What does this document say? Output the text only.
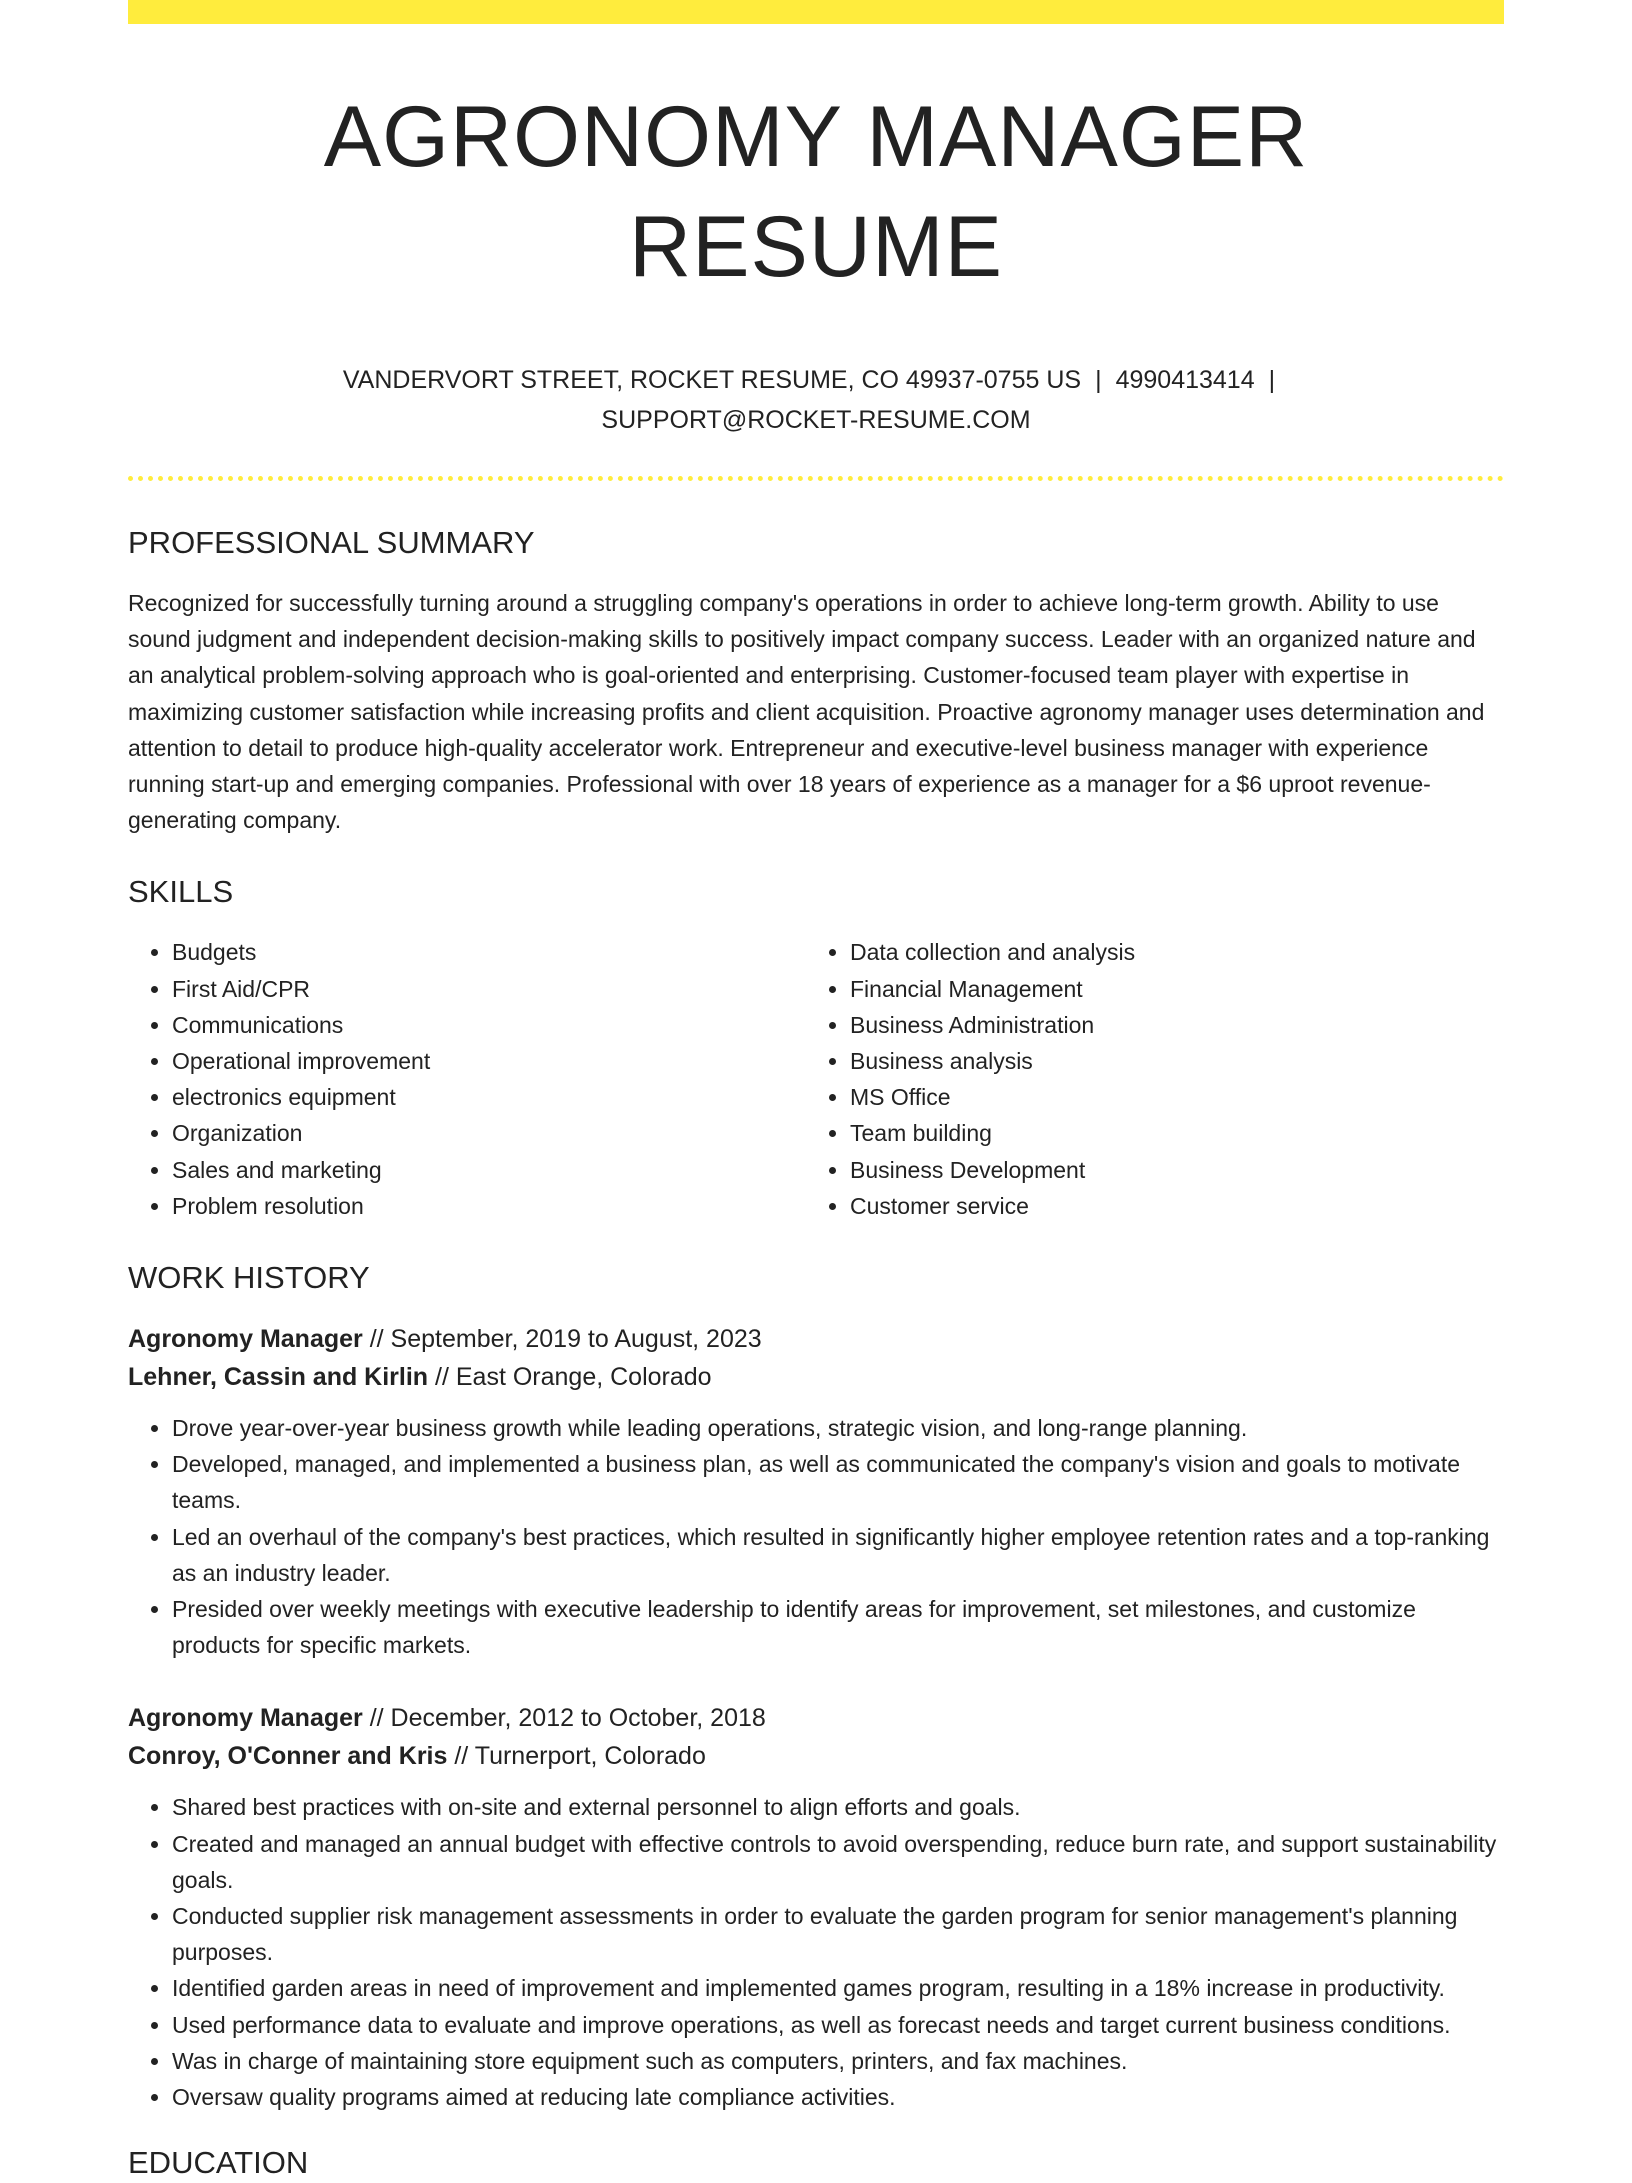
AGRONOMY MANAGER RESUME
VANDERVORT STREET, ROCKET RESUME, CO 49937-0755 US | 4990413414 |
SUPPORT@ROCKET-RESUME.COM
PROFESSIONAL SUMMARY
Recognized for successfully turning around a struggling company's operations in order to achieve long-term growth. Ability to use sound judgment and independent decision-making skills to positively impact company success. Leader with an organized nature and an analytical problem-solving approach who is goal-oriented and enterprising. Customer-focused team player with expertise in maximizing customer satisfaction while increasing profits and client acquisition. Proactive agronomy manager uses determination and attention to detail to produce high-quality accelerator work. Entrepreneur and executive-level business manager with experience running start-up and emerging companies. Professional with over 18 years of experience as a manager for a $6 uproot revenue-generating company.
SKILLS
• Budgets
• First Aid/CPR
• Communications
• Operational improvement
• electronics equipment
• Organization
• Sales and marketing
• Problem resolution
• Data collection and analysis
• Financial Management
• Business Administration
• Business analysis
• MS Office
• Team building
• Business Development
• Customer service
WORK HISTORY
Agronomy Manager // September, 2019 to August, 2023
Lehner, Cassin and Kirlin // East Orange, Colorado
• Drove year-over-year business growth while leading operations, strategic vision, and long-range planning.
• Developed, managed, and implemented a business plan, as well as communicated the company's vision and goals to motivate teams.
• Led an overhaul of the company's best practices, which resulted in significantly higher employee retention rates and a top-ranking as an industry leader.
• Presided over weekly meetings with executive leadership to identify areas for improvement, set milestones, and customize products for specific markets.
Agronomy Manager // December, 2012 to October, 2018
Conroy, O'Conner and Kris // Turnerport, Colorado
• Shared best practices with on-site and external personnel to align efforts and goals.
• Created and managed an annual budget with effective controls to avoid overspending, reduce burn rate, and support sustainability goals.
• Conducted supplier risk management assessments in order to evaluate the garden program for senior management's planning purposes.
• Identified garden areas in need of improvement and implemented games program, resulting in a 18% increase in productivity.
• Used performance data to evaluate and improve operations, as well as forecast needs and target current business conditions.
• Was in charge of maintaining store equipment such as computers, printers, and fax machines.
• Oversaw quality programs aimed at reducing late compliance activities.
EDUCATION
